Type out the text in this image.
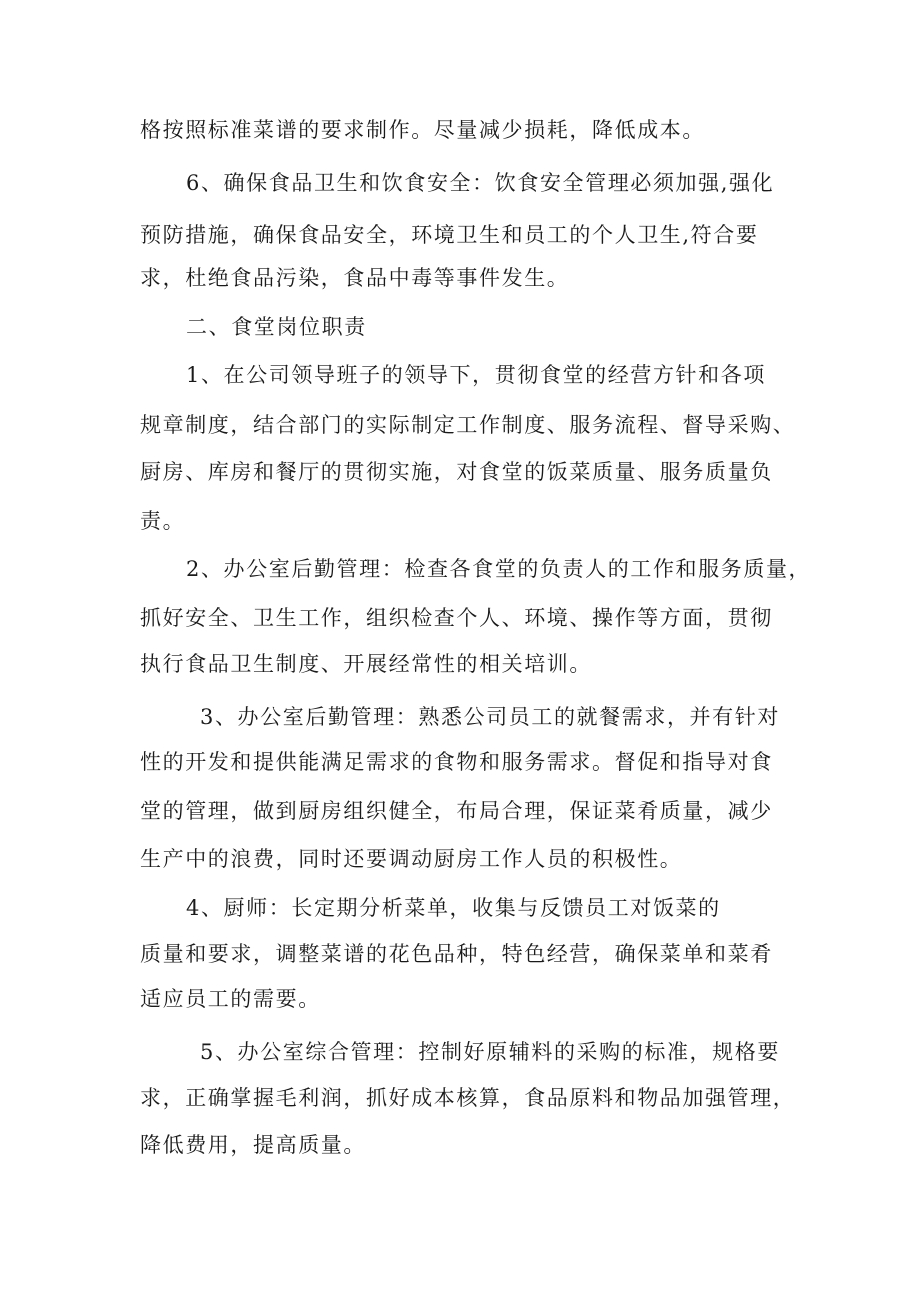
格按照标准菜谱的要求制作。尽量减少损耗，降低成本。
6、确保食品卫生和饮食安全：饮食安全管理必须加强,强化
预防措施，确保食品安全，环境卫生和员工的个人卫生,符合要
求，杜绝食品污染，食品中毒等事件发生。
二、食堂岗位职责
1、在公司领导班子的领导下，贯彻食堂的经营方针和各项
规章制度，结合部门的实际制定工作制度、服务流程、督导采购、
厨房、库房和餐厅的贯彻实施，对食堂的饭菜质量、服务质量负
责。
2、办公室后勤管理：检查各食堂的负责人的工作和服务质量，
抓好安全、卫生工作，组织检查个人、环境、操作等方面，贯彻
执行食品卫生制度、开展经常性的相关培训。
3、办公室后勤管理：熟悉公司员工的就餐需求，并有针对
性的开发和提供能满足需求的食物和服务需求。督促和指导对食
堂的管理，做到厨房组织健全，布局合理，保证菜肴质量，减少
生产中的浪费，同时还要调动厨房工作人员的积极性。
4、厨师：长定期分析菜单，收集与反馈员工对饭菜的
质量和要求，调整菜谱的花色品种，特色经营，确保菜单和菜肴
适应员工的需要。
5、办公室综合管理：控制好原辅料的采购的标准，规格要
求，正确掌握毛利润，抓好成本核算，食品原料和物品加强管理，
降低费用，提高质量。
